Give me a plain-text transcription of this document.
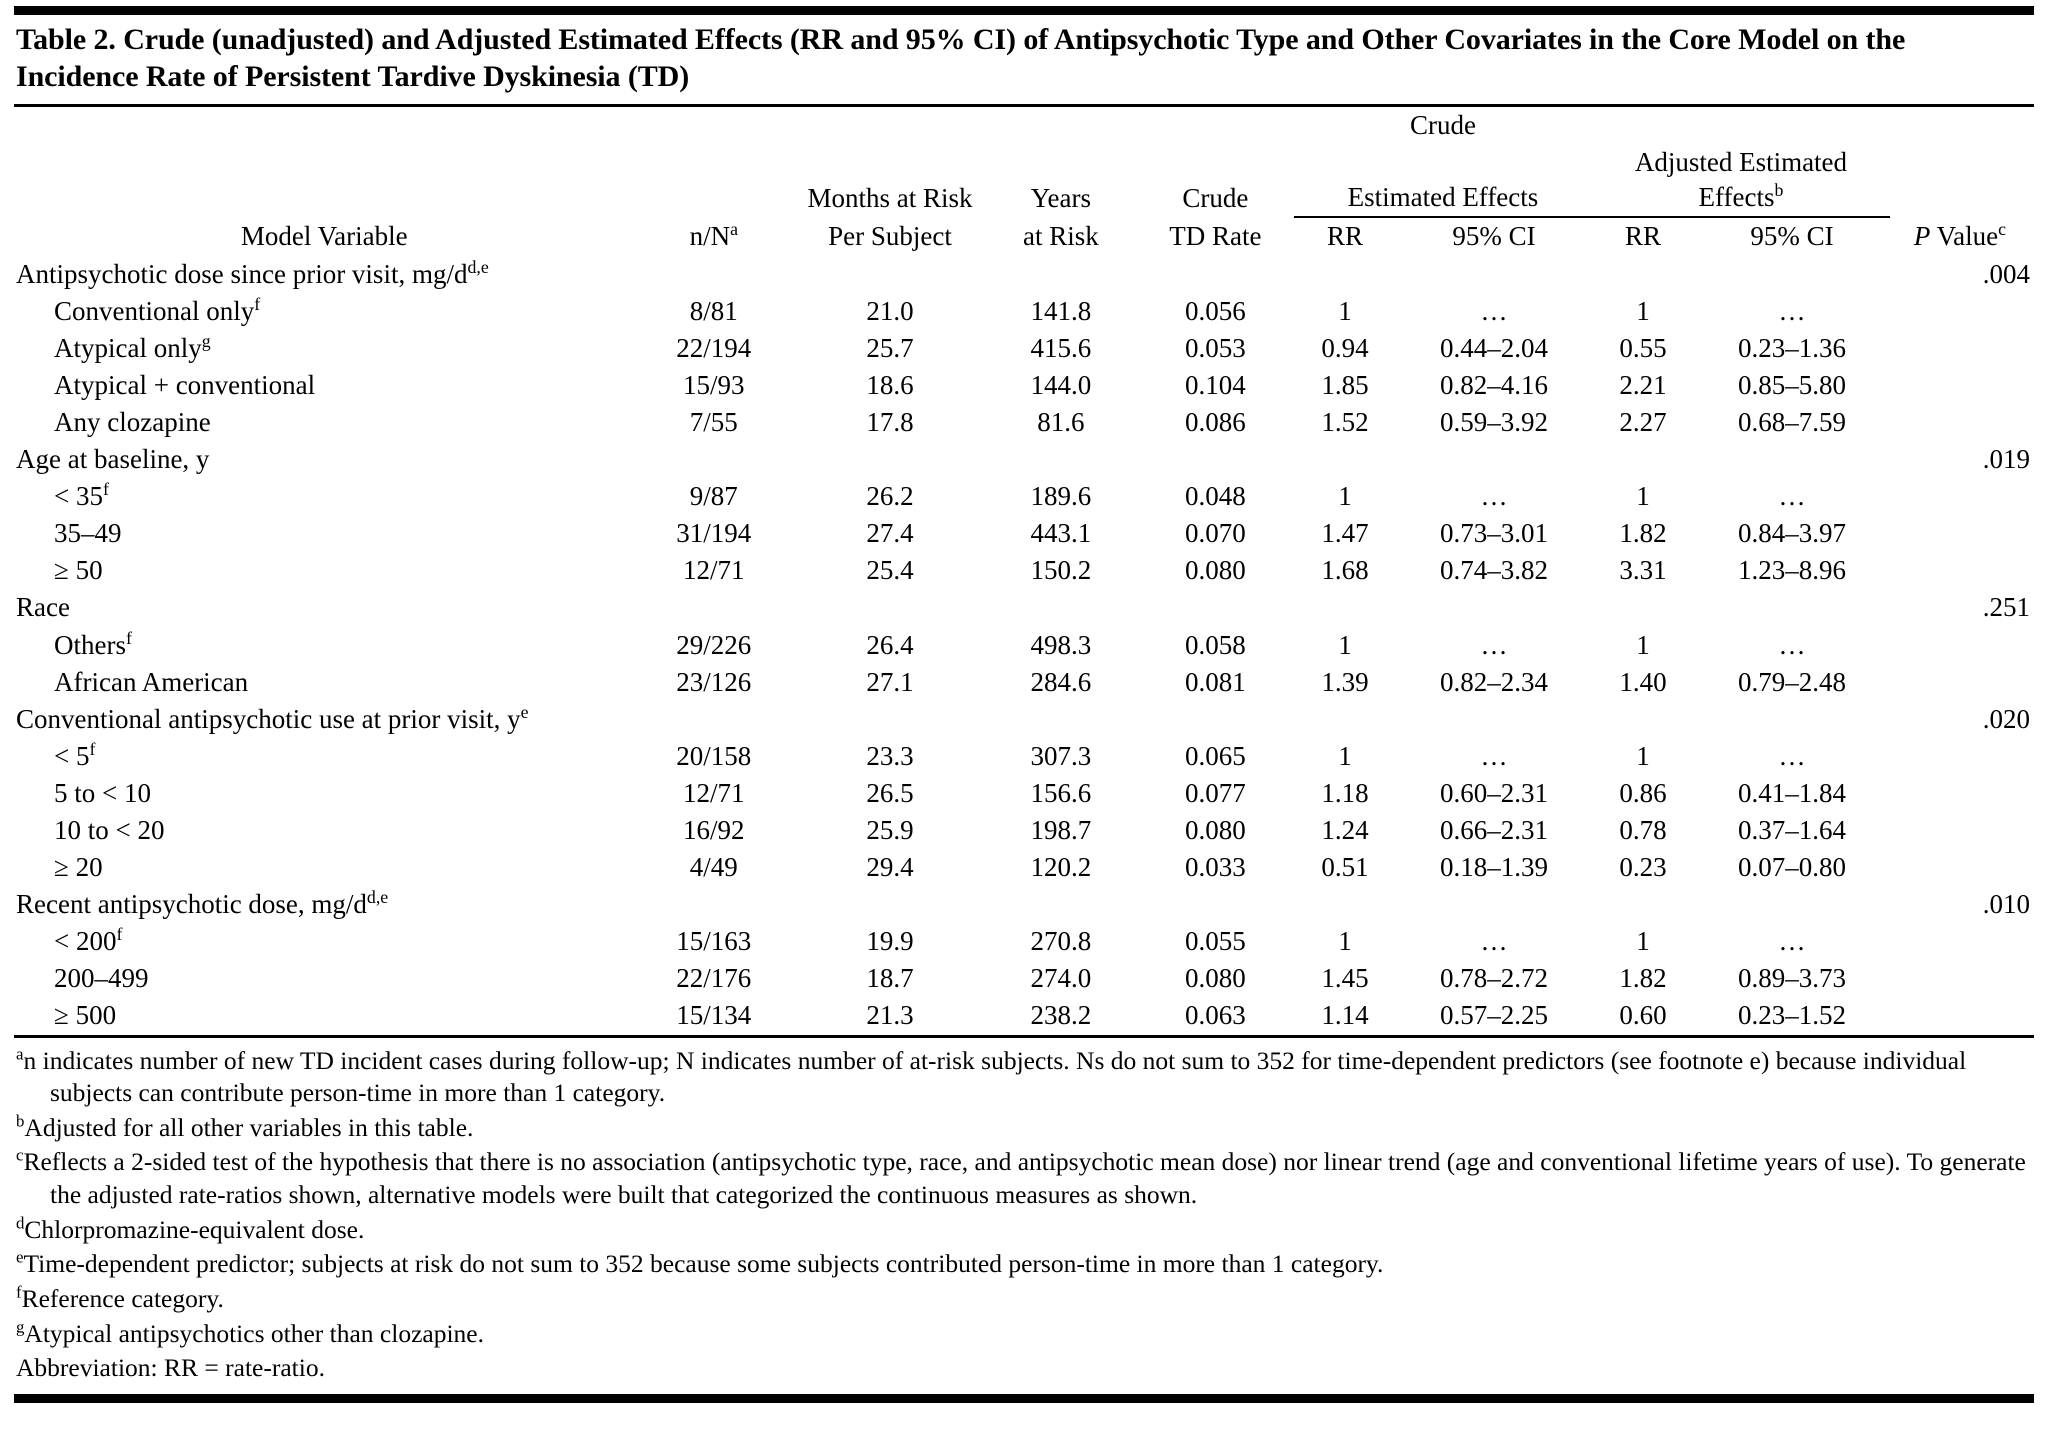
Table 2. Crude (unadjusted) and Adjusted Estimated Effects (RR and 95% CI) of Antipsychotic Type and Other Covariates in the Core Model on the Incidence Rate of Persistent Tardive Dyskinesia (TD)
					Crude				
		Months at Risk	Years	Crude	Estimated Effects		Adjusted Estimated Effects$^b$	
Model Variable	$n/N^a$	Per Subject	at Risk	TD Rate	RR	95% CI	RR	95% CI	P Value$^c$
Antipsychotic dose since prior visit, $mg/d^{d,e}$									.004
Conventional only$^f$	8/81	21.0	141.8	0.056	1	…	1	…	
Atypical only$^g$	22/194	25.7	415.6	0.053	0.94	0.44–2.04	0.55	0.23–1.36	
Atypical + conventional	15/93	18.6	144.0	0.104	1.85	0.82–4.16	2.21	0.85–5.80	
Any clozapine	7/55	17.8	81.6	0.086	1.52	0.59–3.92	2.27	0.68–7.59	
Age at baseline, y									.019
< $35^f$	9/87	26.2	189.6	0.048	1	…	1	…	
35–49	31/194	27.4	443.1	0.070	1.47	0.73–3.01	1.82	0.84–3.97	
≥ 50	12/71	25.4	150.2	0.080	1.68	0.74–3.82	3.31	1.23–8.96	
Race									.251
Others$^f$	29/226	26.4	498.3	0.058	1	…	1	…	
African American	23/126	27.1	284.6	0.081	1.39	0.82–2.34	1.40	0.79–2.48	
Conventional antipsychotic use at prior visit, $y^e$									.020
< $5^f$	20/158	23.3	307.3	0.065	1	…	1	…	
5 to < 10	12/71	26.5	156.6	0.077	1.18	0.60–2.31	0.86	0.41–1.84	
10 to < 20	16/92	25.9	198.7	0.080	1.24	0.66–2.31	0.78	0.37–1.64	
≥ 20	4/49	29.4	120.2	0.033	0.51	0.18–1.39	0.23	0.07–0.80	
Recent antipsychotic dose, $mg/d^{d,e}$									.010
< $200^f$	15/163	19.9	270.8	0.055	1	…	1	…	
200–499	22/176	18.7	274.0	0.080	1.45	0.78–2.72	1.82	0.89–3.73	
≥ 500	15/134	21.3	238.2	0.063	1.14	0.57–2.25	0.60	0.23–1.52	
$^a$n indicates number of new TD incident cases during follow-up; N indicates number of at-risk subjects. Ns do not sum to 352 for time-dependent predictors (see footnote e) because individual subjects can contribute person-time in more than 1 category.
$^b$Adjusted for all other variables in this table.
$^c$Reflects a 2-sided test of the hypothesis that there is no association (antipsychotic type, race, and antipsychotic mean dose) nor linear trend (age and conventional lifetime years of use). To generate the adjusted rate-ratios shown, alternative models were built that categorized the continuous measures as shown.
$^d$Chlorpromazine-equivalent dose.
$^e$Time-dependent predictor; subjects at risk do not sum to 352 because some subjects contributed person-time in more than 1 category.
$^f$Reference category.
$^g$Atypical antipsychotics other than clozapine.
Abbreviation: RR = rate-ratio.
